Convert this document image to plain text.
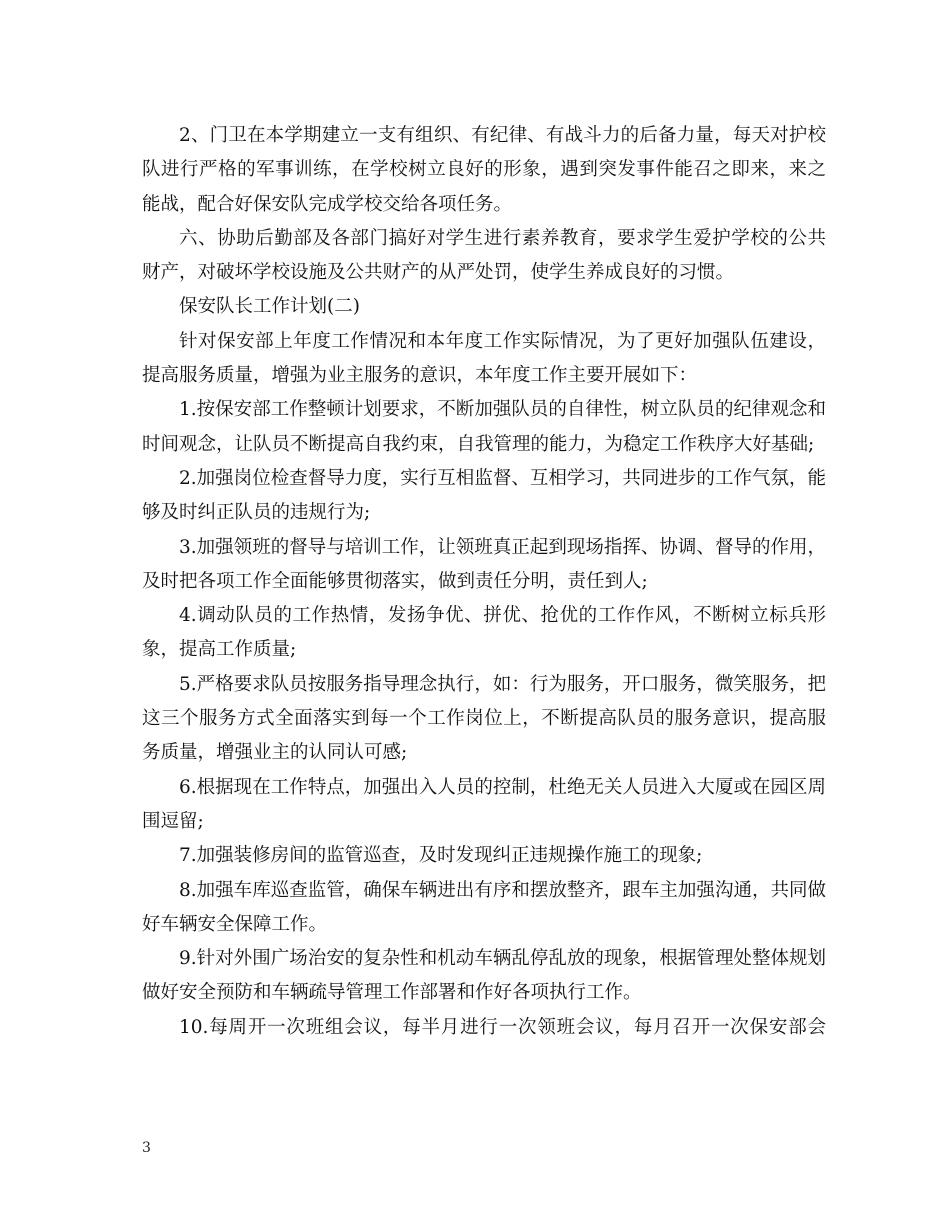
2、门卫在本学期建立一支有组织、有纪律、有战斗力的后备力量，每天对护校队进行严格的军事训练，在学校树立良好的形象，遇到突发事件能召之即来，来之能战，配合好保安队完成学校交给各项任务。

六、协助后勤部及各部门搞好对学生进行素养教育，要求学生爱护学校的公共财产，对破坏学校设施及公共财产的从严处罚，使学生养成良好的习惯。

保安队长工作计划(二)

针对保安部上年度工作情况和本年度工作实际情况，为了更好加强队伍建设，提高服务质量，增强为业主服务的意识，本年度工作主要开展如下：

1.按保安部工作整顿计划要求，不断加强队员的自律性，树立队员的纪律观念和时间观念，让队员不断提高自我约束，自我管理的能力，为稳定工作秩序大好基础;

2.加强岗位检查督导力度，实行互相监督、互相学习，共同进步的工作气氛，能够及时纠正队员的违规行为;

3.加强领班的督导与培训工作，让领班真正起到现场指挥、协调、督导的作用，及时把各项工作全面能够贯彻落实，做到责任分明，责任到人;

4.调动队员的工作热情，发扬争优、拼优、抢优的工作作风，不断树立标兵形象，提高工作质量;

5.严格要求队员按服务指导理念执行，如：行为服务，开口服务，微笑服务，把这三个服务方式全面落实到每一个工作岗位上，不断提高队员的服务意识，提高服务质量，增强业主的认同认可感;

6.根据现在工作特点，加强出入人员的控制，杜绝无关人员进入大厦或在园区周围逗留;

7.加强装修房间的监管巡查，及时发现纠正违规操作施工的现象;

8.加强车库巡查监管，确保车辆进出有序和摆放整齐，跟车主加强沟通，共同做好车辆安全保障工作。

9.针对外围广场治安的复杂性和机动车辆乱停乱放的现象，根据管理处整体规划做好安全预防和车辆疏导管理工作部署和作好各项执行工作。

10.每周开一次班组会议，每半月进行一次领班会议，每月召开一次保安部会

3
